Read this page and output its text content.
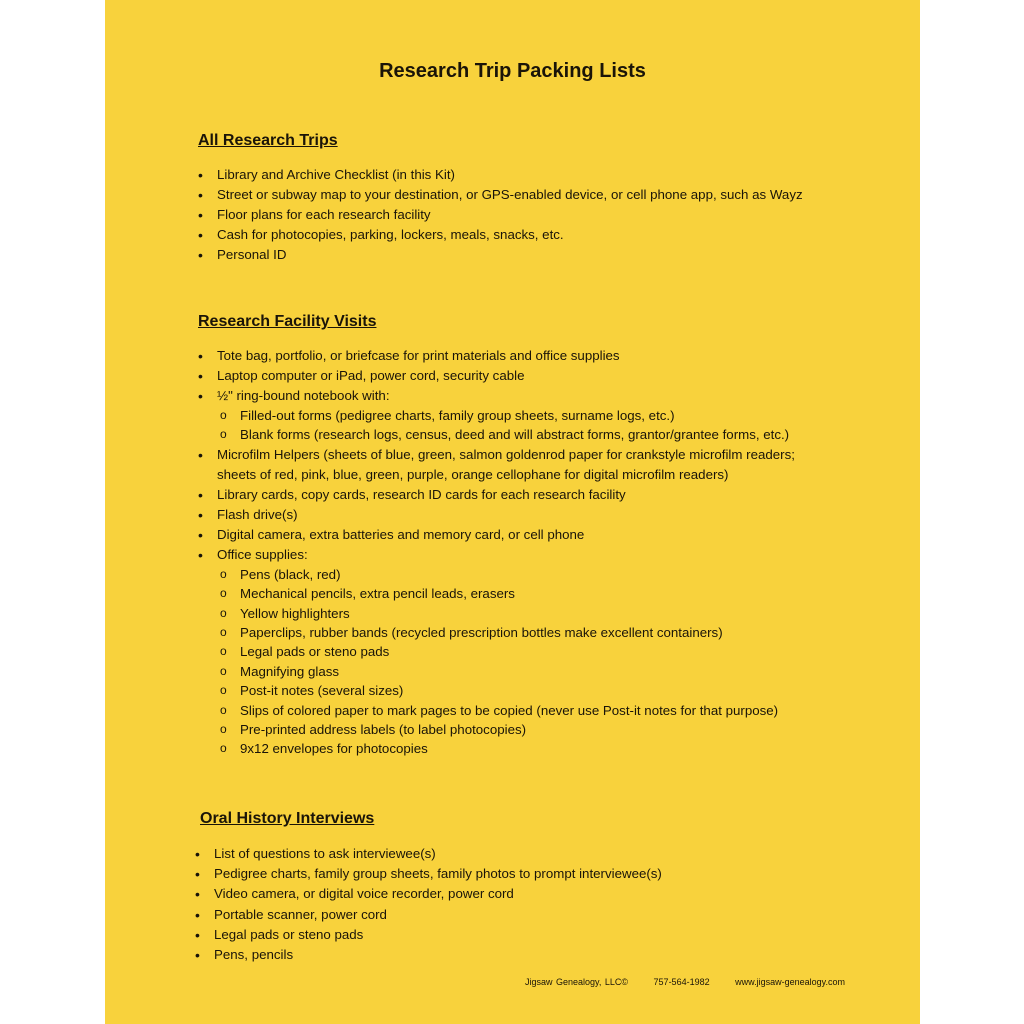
Research Trip Packing Lists
All Research Trips
• Library and Archive Checklist (in this Kit)
• Street or subway map to your destination, or GPS-enabled device, or cell phone app, such as Wayz
• Floor plans for each research facility
• Cash for photocopies, parking, lockers, meals, snacks, etc.
• Personal ID
Research Facility Visits
• Tote bag, portfolio, or briefcase for print materials and office supplies
• Laptop computer or iPad, power cord, security cable
• ½" ring-bound notebook with:
o Filled-out forms (pedigree charts, family group sheets, surname logs, etc.)
o Blank forms (research logs, census, deed and will abstract forms, grantor/grantee forms, etc.)
• Microfilm Helpers (sheets of blue, green, salmon goldenrod paper for crankstyle microfilm readers; sheets of red, pink, blue, green, purple, orange cellophane for digital microfilm readers)
• Library cards, copy cards, research ID cards for each research facility
• Flash drive(s)
• Digital camera, extra batteries and memory card, or cell phone
• Office supplies:
o Pens (black, red)
o Mechanical pencils, extra pencil leads, erasers
o Yellow highlighters
o Paperclips, rubber bands (recycled prescription bottles make excellent containers)
o Legal pads or steno pads
o Magnifying glass
o Post-it notes (several sizes)
o Slips of colored paper to mark pages to be copied (never use Post-it notes for that purpose)
o Pre-printed address labels (to label photocopies)
o 9x12 envelopes for photocopies
Oral History Interviews
• List of questions to ask interviewee(s)
• Pedigree charts, family group sheets, family photos to prompt interviewee(s)
• Video camera, or digital voice recorder, power cord
• Portable scanner, power cord
• Legal pads or steno pads
• Pens, pencils
Jigsaw Genealogy, LLC©	757-564-1982	www.jigsaw-genealogy.com
